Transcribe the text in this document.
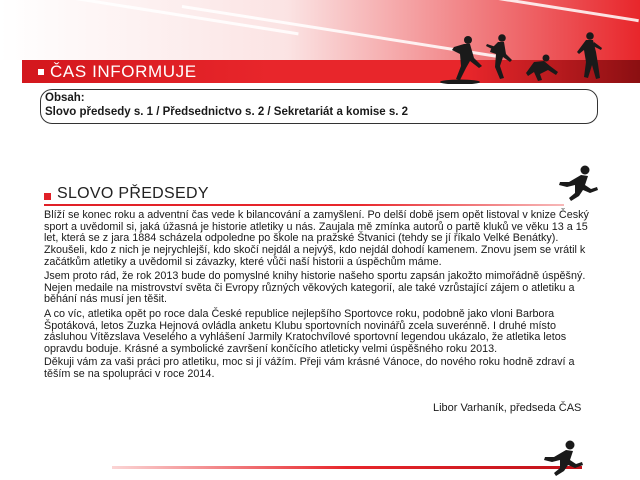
ČAS INFORMUJE
Obsah:
Slovo předsedy s. 1 / Předsednictvo s. 2 / Sekretariát a komise s. 2
SLOVO PŘEDSEDY

Blíží se konec roku a adventní čas vede k bilancování a zamyšlení. Po delší době jsem opět listoval v knize Český sport a uvědomil si, jaká úžasná je historie atletiky u nás. Zaujala mě zmínka autorů o partě kluků ve věku 13 a 15 let, která se z jara 1884 scházela odpoledne po škole na pražské Štvanici (tehdy se jí říkalo Velké Benátky). Zkoušeli, kdo z nich je nejrychlejší, kdo skočí nejdál a nejvýš, kdo nejdál dohodí kamenem. Znovu jsem se vrátil k začátkům atletiky a uvědomil si závazky, které vůči naší historii a úspěchům máme.

Jsem proto rád, že rok 2013 bude do pomyslné knihy historie našeho sportu zapsán jakožto mimořádně úspěšný. Nejen medaile na mistrovství světa či Evropy různých věkových kategorií, ale také vzrůstající zájem o atletiku a běhání nás musí jen těšit.

A co víc, atletika opět po roce dala České republice nejlepšího Sportovce roku, podobně jako vloni Barbora Špotáková, letos Zuzka Hejnová ovládla anketu Klubu sportovních novinářů zcela suverénně. I druhé místo zásluhou Vítězslava Veselého a vyhlášení Jarmily Kratochvílové sportovní legendou ukázalo, že atletika letos opravdu boduje. Krásné a symbolické završení končícího atleticky velmi úspěšného roku 2013.

Děkuji vám za vaši práci pro atletiku, moc si jí vážím. Přeji vám krásné Vánoce, do nového roku hodně zdraví a těším se na spolupráci v roce 2014.

Libor Varhaník, předseda ČAS
